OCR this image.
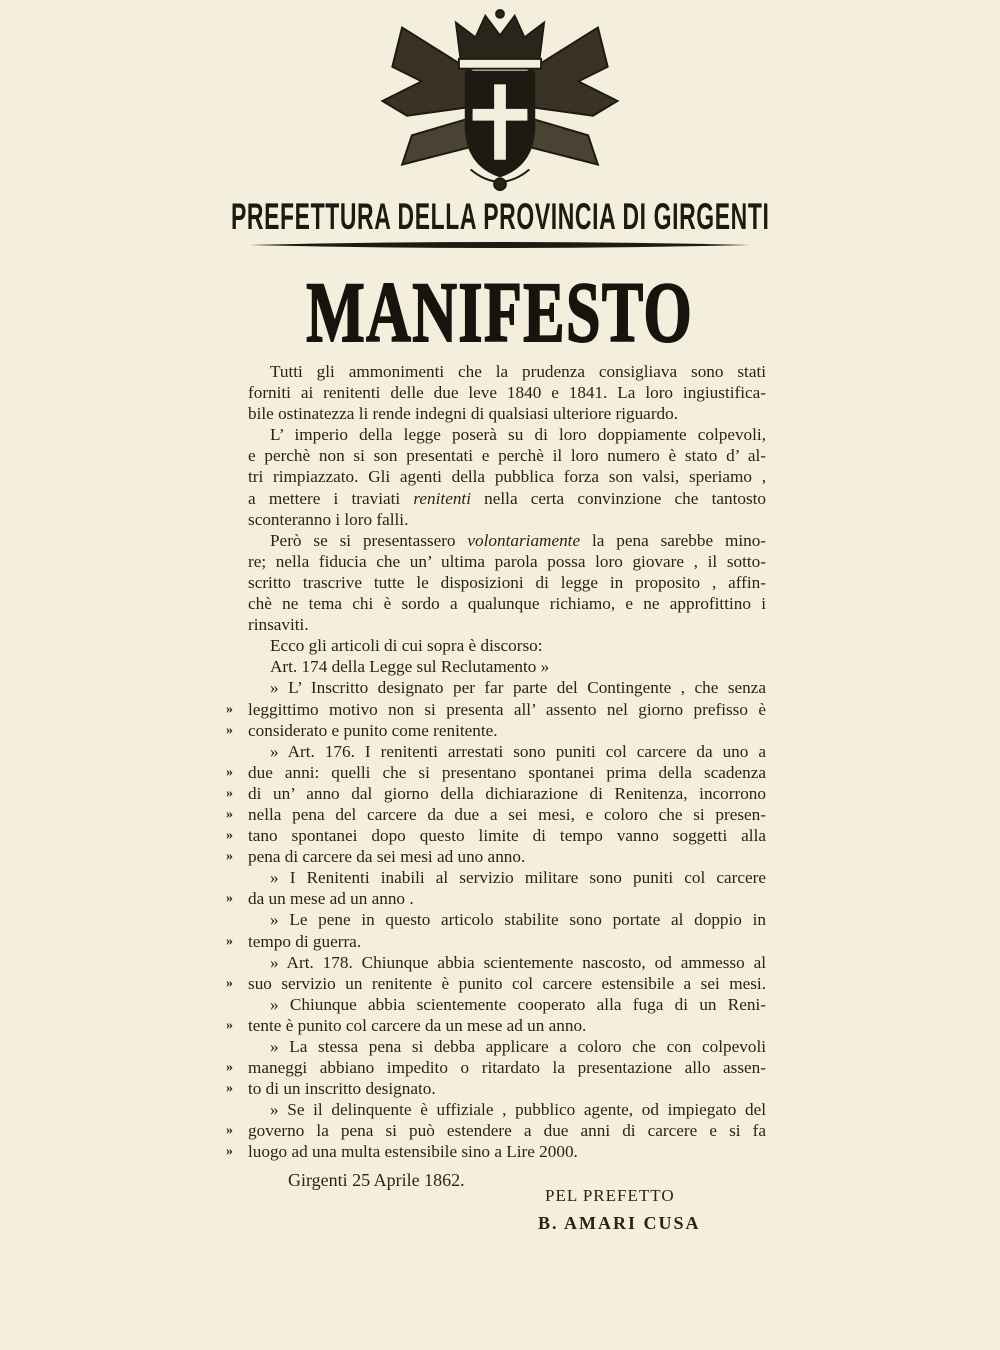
PREFETTURA DELLA PROVINCIA DI GIRGENTI
MANIFESTO
Tutti gli ammonimenti che la prudenza consigliava sono stati
forniti ai renitenti delle due leve 1840 e 1841. La loro ingiustifica-
bile ostinatezza li rende indegni di qualsiasi ulteriore riguardo.
L’ imperio della legge poserà su di loro doppiamente colpevoli,
e perchè non si son presentati e perchè il loro numero è stato d’ al-
tri rimpiazzato. Gli agenti della pubblica forza son valsi, speriamo ,
a mettere i traviati renitenti nella certa convinzione che tantosto
sconteranno i loro falli.
Però se si presentassero volontariamente la pena sarebbe mino-
re; nella fiducia che un’ ultima parola possa loro giovare , il sotto-
scritto trascrive tutte le disposizioni di legge in proposito , affin-
chè ne tema chi è sordo a qualunque richiamo, e ne approfittino i
rinsaviti.
Ecco gli articoli di cui sopra è discorso:
Art. 174 della Legge sul Reclutamento »
» L’ Inscritto designato per far parte del Contingente , che senza
» leggittimo motivo non si presenta all’ assento nel giorno prefisso è
» considerato e punito come renitente.
» Art. 176. I renitenti arrestati sono puniti col carcere da uno a
» due anni: quelli che si presentano spontanei prima della scadenza
» di un’ anno dal giorno della dichiarazione di Renitenza, incorrono
» nella pena del carcere da due a sei mesi, e coloro che si presen-
» tano spontanei dopo questo limite di tempo vanno soggetti alla
» pena di carcere da sei mesi ad uno anno.
» I Renitenti inabili al servizio militare sono puniti col carcere
» da un mese ad un anno .
» Le pene in questo articolo stabilite sono portate al doppio in
» tempo di guerra.
» Art. 178. Chiunque abbia scientemente nascosto, od ammesso al
» suo servizio un renitente è punito col carcere estensibile a sei mesi.
» Chiunque abbia scientemente cooperato alla fuga di un Reni-
» tente è punito col carcere da un mese ad un anno.
» La stessa pena si debba applicare a coloro che con colpevoli
» maneggi abbiano impedito o ritardato la presentazione allo assen-
» to di un inscritto designato.
» Se il delinquente è uffiziale , pubblico agente, od impiegato del
» governo la pena si può estendere a due anni di carcere e si fa
» luogo ad una multa estensibile sino a Lire 2000.
Girgenti 25 Aprile 1862.
PEL PREFETTO
B. AMARI CUSA
